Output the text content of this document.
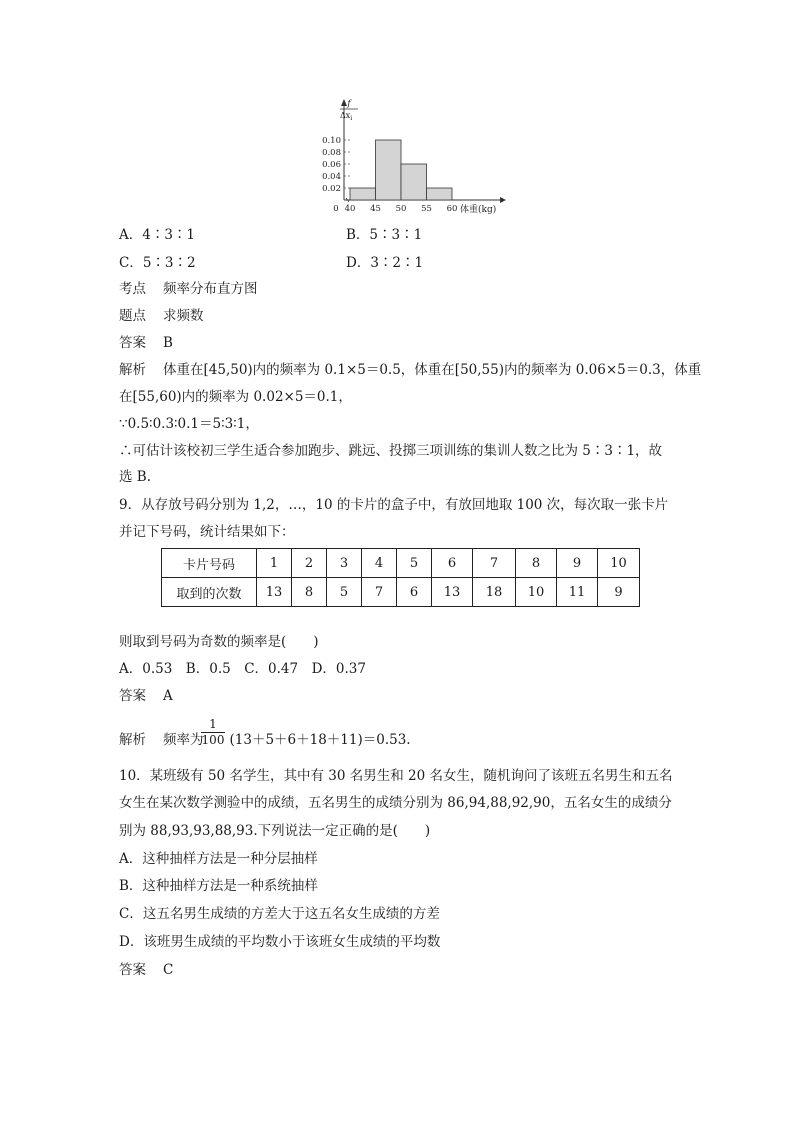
0.10
0.08
0.06
0.04
0.02
0 40 45 50 55 60 体重(kg)
f
$\Delta x_i$
A．4∶3∶1	B．5∶3∶1
C．5∶3∶2	D．3∶2∶1
考点 频率分布直方图
题点 求频数
答案 B
解析 体重在[45,50)内的频率为 0.1×5＝0.5，体重在[50,55)内的频率为 0.06×5＝0.3，体重
在[55,60)内的频率为 0.02×5＝0.1，
∵0.5∶0.3∶0.1＝5∶3∶1，
∴可估计该校初三学生适合参加跑步、跳远、投掷三项训练的集训人数之比为 5∶3∶1，故
选 B.
9．从存放号码分别为 1,2，…，10 的卡片的盒子中，有放回地取 100 次，每次取一张卡片
并记下号码，统计结果如下：
卡片号码	1	2	3	4	5	6	7	8	9	10
取到的次数	13	8	5	7	6	13	18	10	11	9
则取到号码为奇数的频率是(　　)
A．0.53　B．0.5　C．0.47　D．0.37
答案 A
$\frac{1}{100}$
解析 频率为 (13＋5＋6＋18＋11)＝0.53.
10．某班级有 50 名学生，其中有 30 名男生和 20 名女生，随机询问了该班五名男生和五名
女生在某次数学测验中的成绩，五名男生的成绩分别为 86,94,88,92,90，五名女生的成绩分
别为 88,93,93,88,93.下列说法一定正确的是(　　)
A．这种抽样方法是一种分层抽样
B．这种抽样方法是一种系统抽样
C．这五名男生成绩的方差大于这五名女生成绩的方差
D．该班男生成绩的平均数小于该班女生成绩的平均数
答案 C
